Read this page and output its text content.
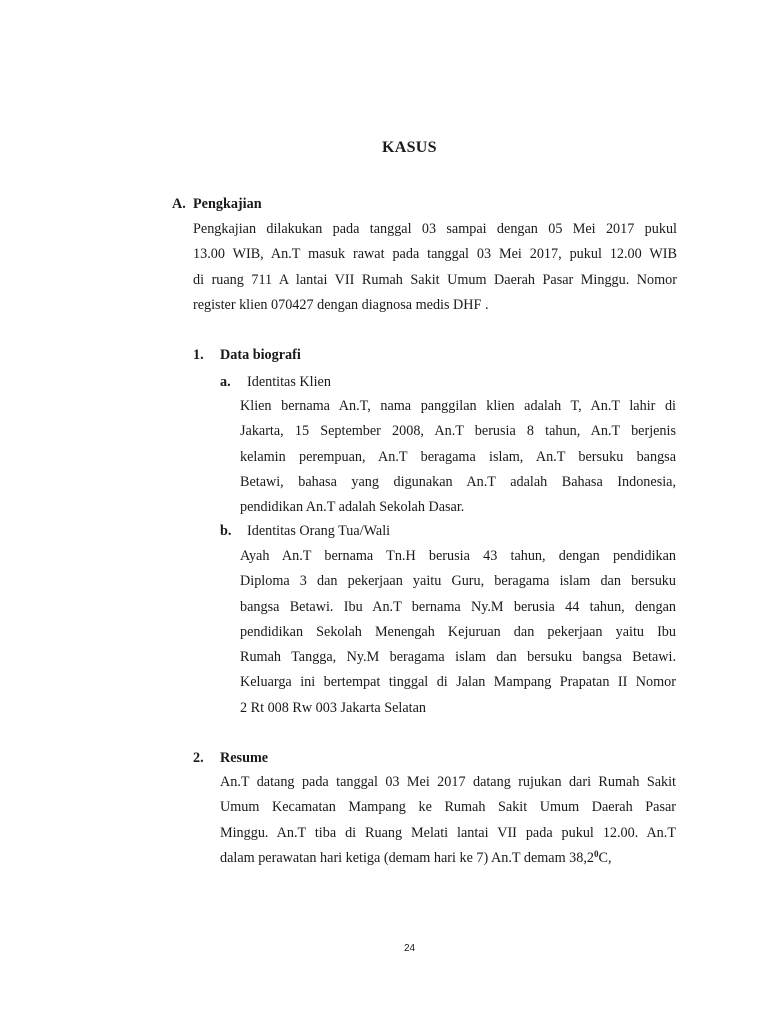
KASUS
A. Pengkajian
Pengkajian dilakukan pada tanggal 03 sampai dengan 05 Mei 2017 pukul
13.00 WIB, An.T masuk rawat pada tanggal 03 Mei 2017, pukul 12.00 WIB
di ruang 711 A lantai VII Rumah Sakit Umum Daerah Pasar Minggu. Nomor
register klien 070427 dengan diagnosa medis DHF .
1. Data biografi
a. Identitas Klien
Klien bernama An.T, nama panggilan klien adalah T, An.T lahir di
Jakarta, 15 September 2008, An.T berusia 8 tahun, An.T berjenis
kelamin perempuan, An.T beragama islam, An.T bersuku bangsa
Betawi, bahasa yang digunakan An.T adalah Bahasa Indonesia,
pendidikan An.T adalah Sekolah Dasar.
b. Identitas Orang Tua/Wali
Ayah An.T bernama Tn.H berusia 43 tahun, dengan pendidikan
Diploma 3 dan pekerjaan yaitu Guru, beragama islam dan bersuku
bangsa Betawi. Ibu An.T bernama Ny.M berusia 44 tahun, dengan
pendidikan Sekolah Menengah Kejuruan dan pekerjaan yaitu Ibu
Rumah Tangga, Ny.M beragama islam dan bersuku bangsa Betawi.
Keluarga ini bertempat tinggal di Jalan Mampang Prapatan II Nomor
2 Rt 008 Rw 003 Jakarta Selatan
2. Resume
An.T datang pada tanggal 03 Mei 2017 datang rujukan dari Rumah Sakit
Umum Kecamatan Mampang ke Rumah Sakit Umum Daerah Pasar
Minggu. An.T tiba di Ruang Melati lantai VII pada pukul 12.00. An.T
dalam perawatan hari ketiga (demam hari ke 7) An.T demam 38,2$^0$C,
24
